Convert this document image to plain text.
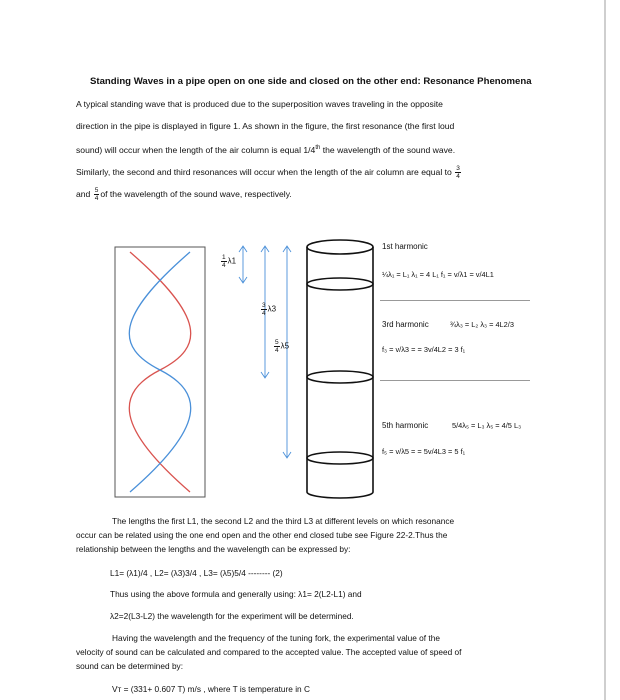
Standing Waves in a pipe open on one side and closed on the other end: Resonance Phenomena
A typical standing wave that is produced due to the superposition waves traveling in the opposite
direction in the pipe is displayed in figure 1. As shown in the figure, the first resonance (the first loud
sound) will occur when the length of the air column is equal 1/4th the wavelength of the sound wave.
Similarly, the second and third resonances will occur when the length of the air column are equal to $\frac{3}{4}$
and $\frac{5}{4}$ of the wavelength of the sound wave, respectively.
$\frac{1}{4} \lambda 1$
$\frac{3}{4} \lambda 3$
$\frac{5}{4} \lambda 5$
1st harmonic
¼λ₁ = L₁ λ₁ = 4 L₁ f₁ = v/λ1 = v/4L1
3rd harmonic	¾λ₃ = L₂ λ₃ = 4L2/3
f₃ = v/λ3 = = 3v/4L2 = 3 f₁
5th harmonic	5/4λ₅ = L₃ λ₅ = 4/5 L₃
f₅ = v/λ5 = = 5v/4L3 = 5 f₁
The lengths the first L1, the second L2 and the third L3 at different levels on which resonance
occur can be related using the one end open and the other end closed tube see Figure 22-2.Thus the
relationship between the lengths and the wavelength can be expressed by:
L1= (λ1)/4 , L2= (λ3)3/4 , L3= (λ5)5/4 -------- (2)
Thus using the above formula and generally using: λ1= 2(L2-L1) and
λ2=2(L3-L2) the wavelength for the experiment will be determined.
Having the wavelength and the frequency of the tuning fork, the experimental value of the
velocity of sound can be calculated and compared to the accepted value. The accepted value of speed of
sound can be determined by:
Vᴛ = (331+ 0.607 T) m/s , where T is temperature in C
